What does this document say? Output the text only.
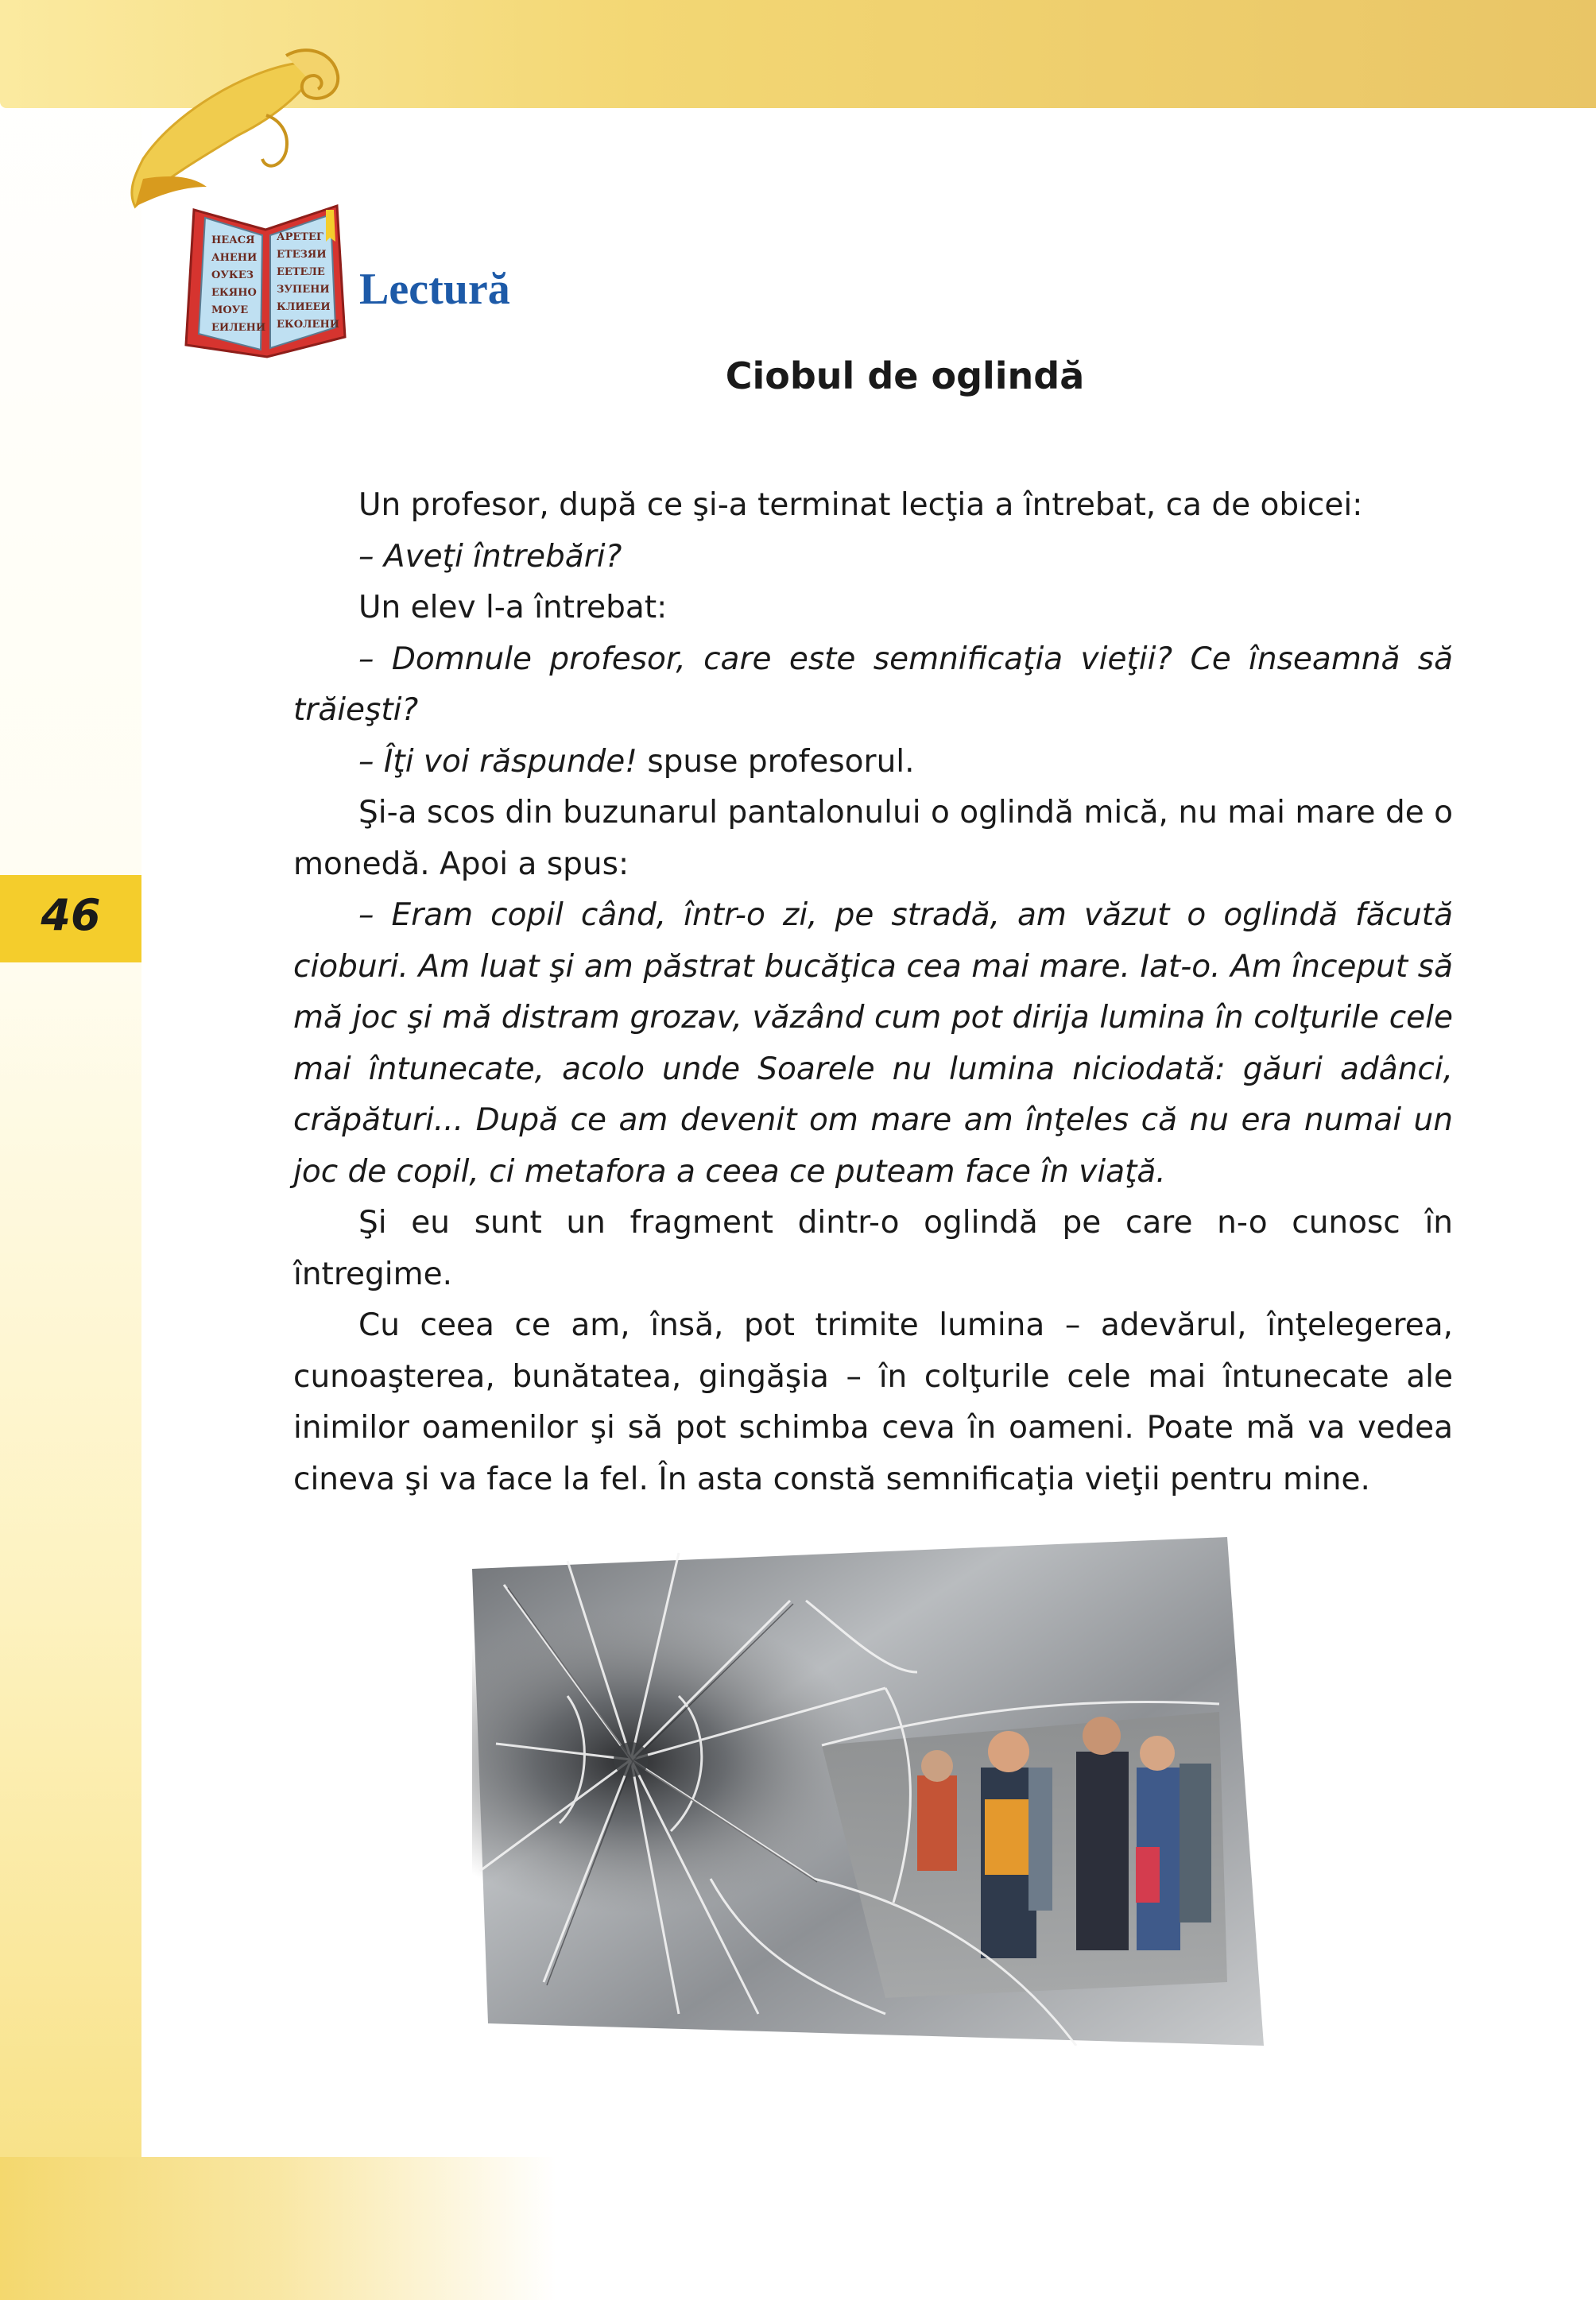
НЕАСЯ
АНЕНИ
ОУКЕЗ
ЕКЯНО
МОУЕ
ЕИЛЕНИ
АРЕТЕГ
ЕТЕЗЯИ
ЕЕТЕЛЕ
ЗУПЕНИ
КЛИЕЕИ
ЕКОЛЕНИ
Lectură
Ciobul de oglindă
46

Un profesor, după ce şi-a terminat lecţia a întrebat, ca de obicei:

– Aveţi întrebări?

Un elev l-a întrebat:

– Domnule profesor, care este semnificaţia vieţii? Ce înseamnă să trăieşti?

– Îţi voi răspunde! spuse profesorul.

Şi-a scos din buzunarul pantalonului o oglindă mică, nu mai mare de o monedă. Apoi a spus:

– Eram copil când, într-o zi, pe stradă, am văzut o oglindă făcută cioburi. Am luat şi am păstrat bucăţica cea mai mare. Iat-o. Am început să mă joc şi mă distram grozav, văzând cum pot dirija lumina în colţurile cele mai întunecate, acolo unde Soarele nu lumina niciodată: găuri adânci, crăpături... După ce am devenit om mare am înţeles că nu era numai un joc de copil, ci metafora a ceea ce puteam face în viaţă.

Şi eu sunt un fragment dintr-o oglindă pe care n-o cunosc în întregime.

Cu ceea ce am, însă, pot trimite lumina – adevărul, înţelegerea, cunoaşterea, bunătatea, gingăşia – în colţurile cele mai întunecate ale inimilor oamenilor şi să pot schimba ceva în oameni. Poate mă va vedea cineva şi va face la fel. În asta constă semnificaţia vieţii pentru mine.
